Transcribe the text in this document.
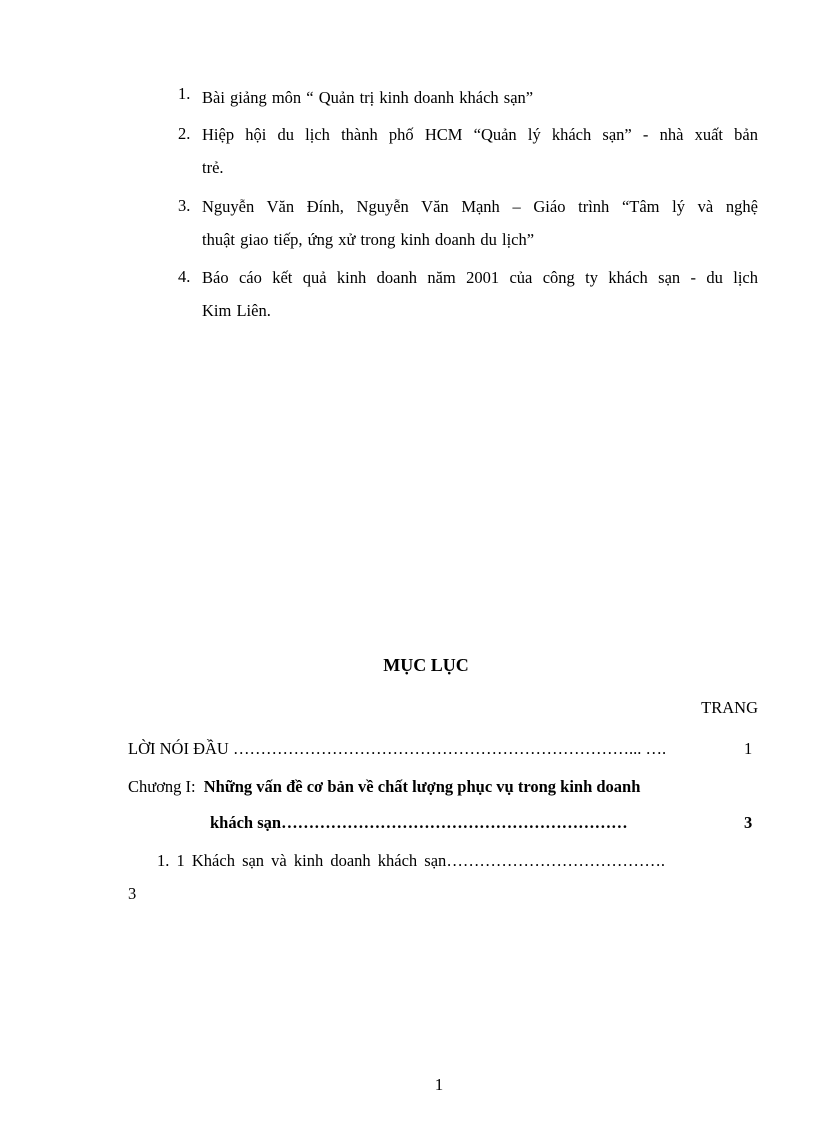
1. Bài giảng môn “ Quản trị kinh doanh khách sạn”
2. Hiệp hội du lịch thành phố HCM “Quản lý khách sạn” - nhà xuất bản
trẻ.
3. Nguyễn Văn Đính, Nguyễn Văn Mạnh – Giáo trình “Tâm lý và nghệ
thuật giao tiếp, ứng xử trong kinh doanh du lịch”
4. Báo cáo kết quả kinh doanh năm 2001 của công ty khách sạn - du lịch
Kim Liên.
MỤC LỤC
TRANG
LỜI NÓI ĐẦU ………………………………………………………………... ….	1
Chương I: Những vấn đề cơ bản về chất lượng phục vụ trong kinh doanh
khách sạn………………………………………………………	3
1. 1 Khách sạn và kinh doanh khách sạn………………………………….
3
1
